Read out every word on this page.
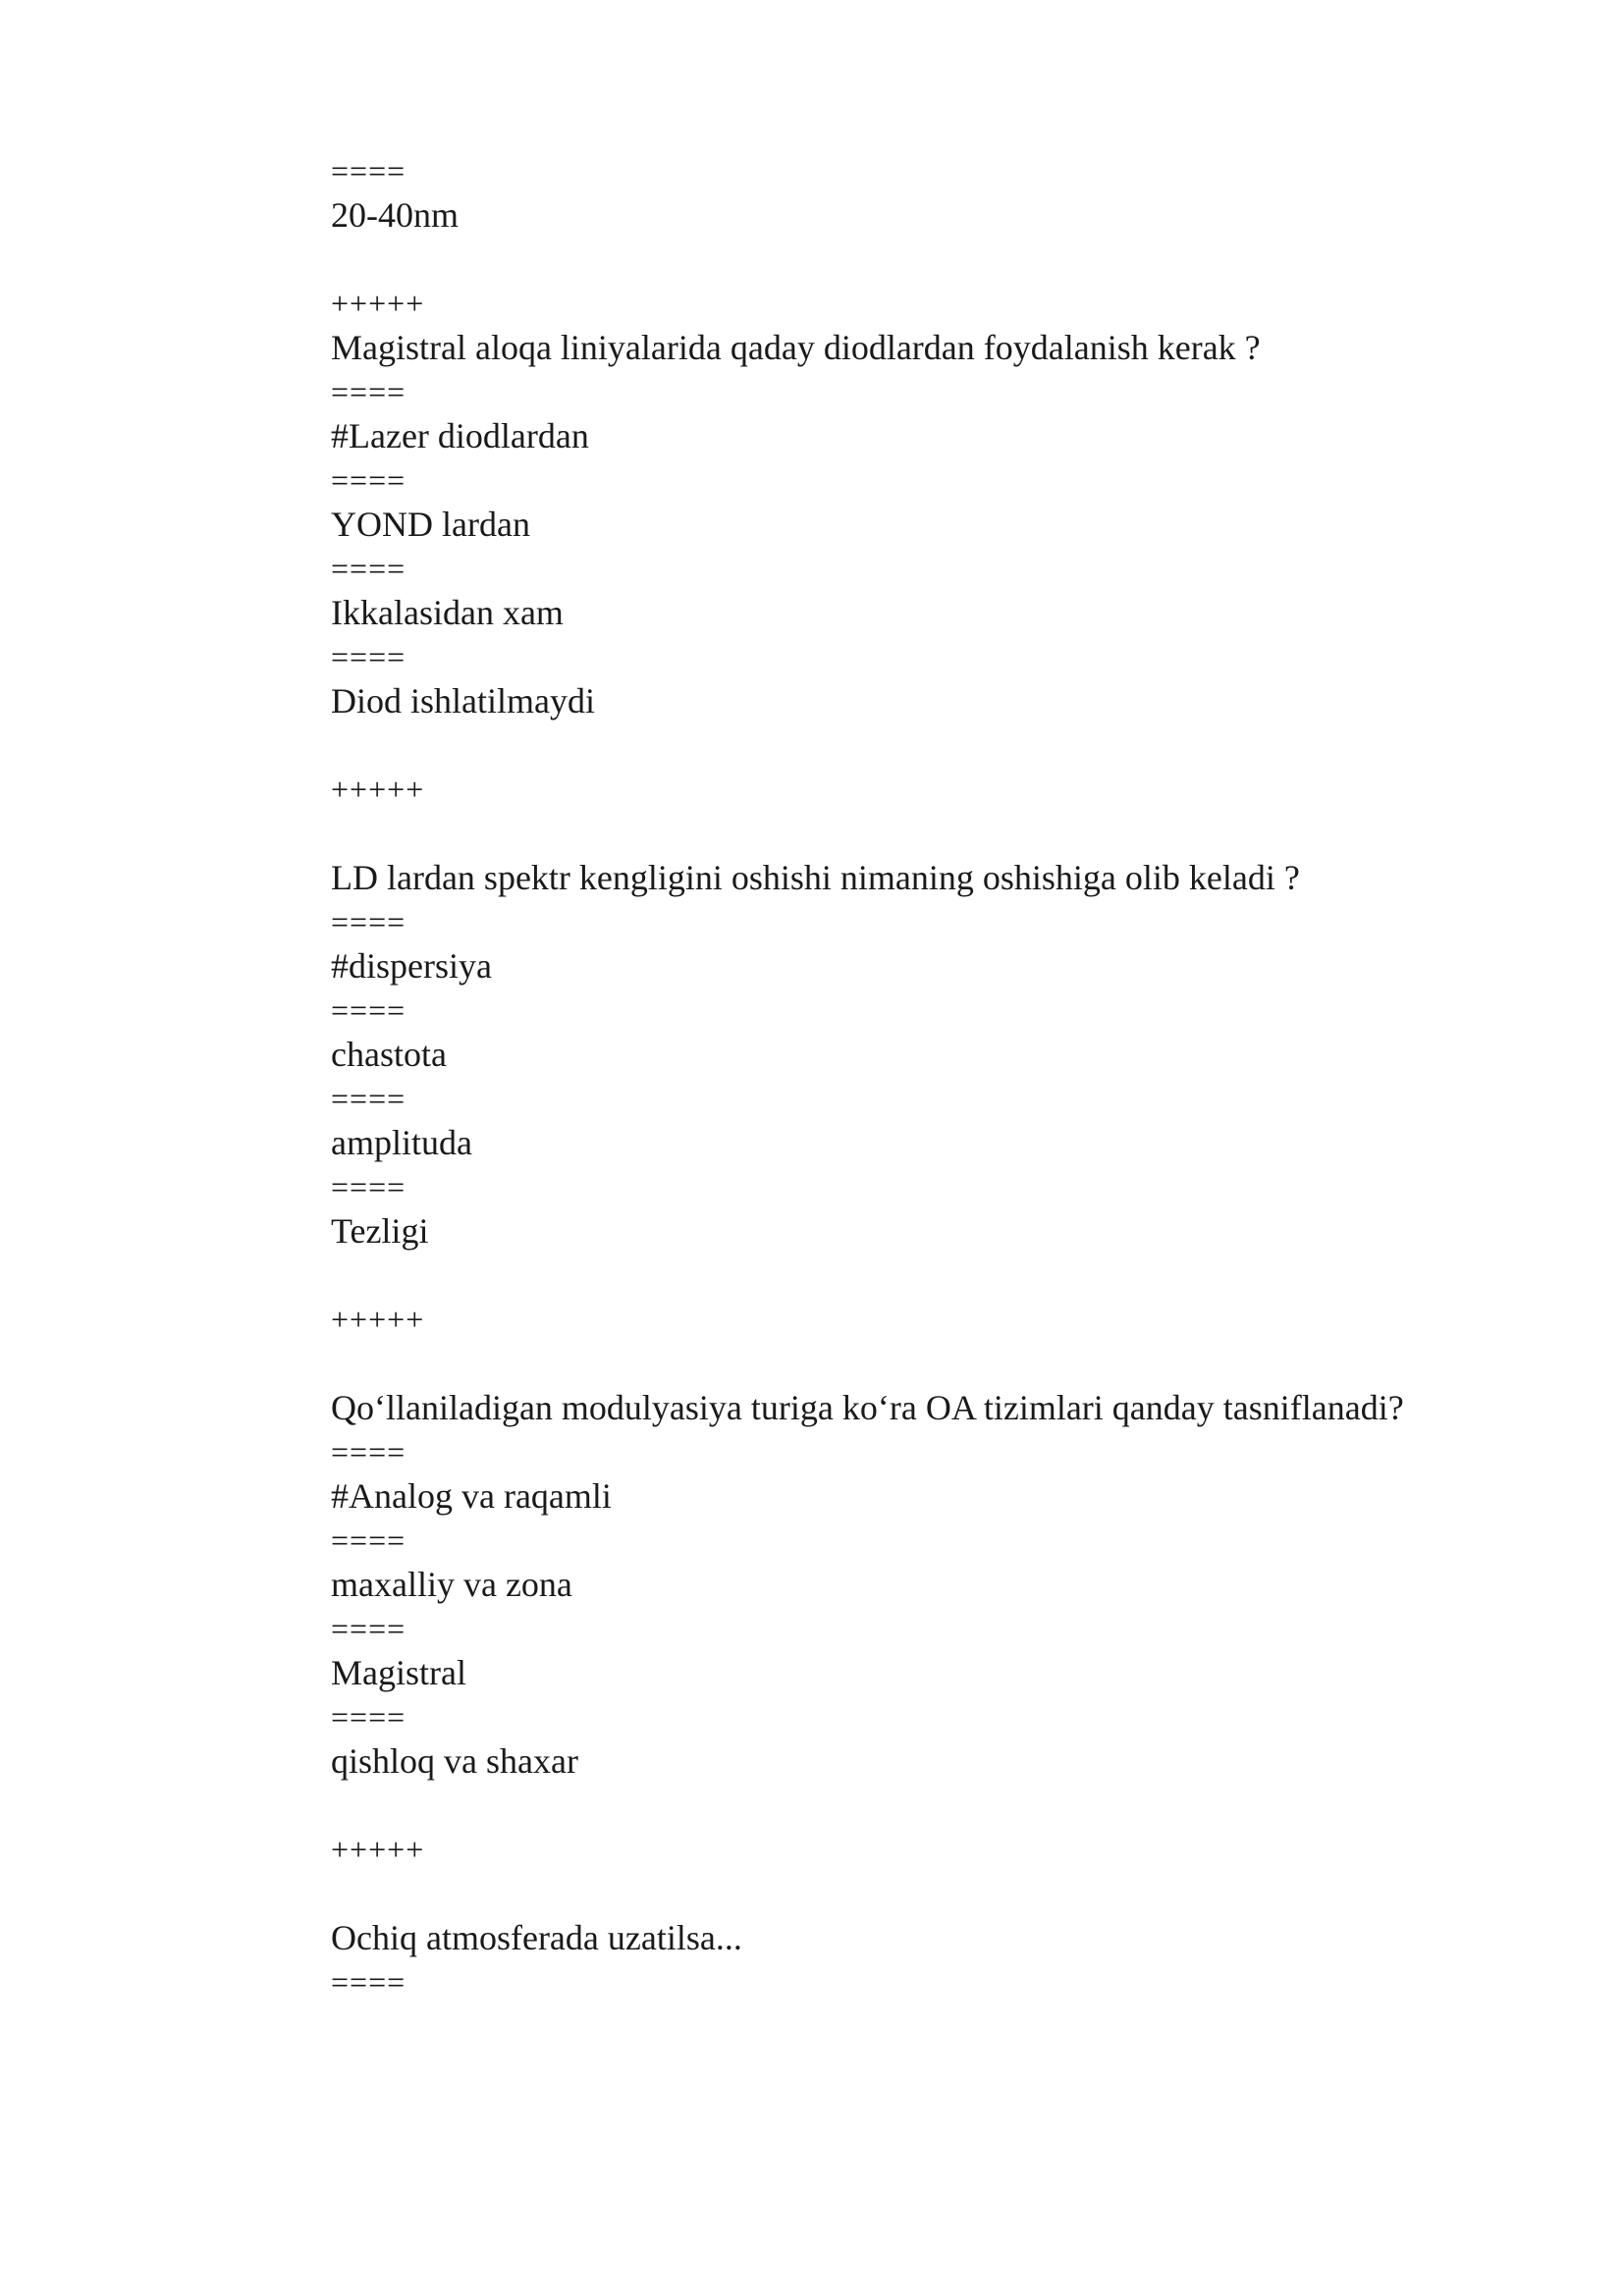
====
20-40nm
+++++
Magistral aloqa liniyalarida qaday diodlardan foydalanish kerak ?
====
#Lazer diodlardan
====
YOND lardan
====
Ikkalasidan xam
====
Diod ishlatilmaydi
+++++
LD lardan spektr kengligini oshishi nimaning oshishiga olib keladi ?
====
#dispersiya
====
chastota
====
amplituda
====
Tezligi
+++++
Qo‘llaniladigan modulyasiya turiga ko‘ra OA tizimlari qanday tasniflanadi?
====
#Analog va raqamli
====
maxalliy va zona
====
Magistral
====
qishloq va shaxar
+++++
Ochiq atmosferada uzatilsa...
====
